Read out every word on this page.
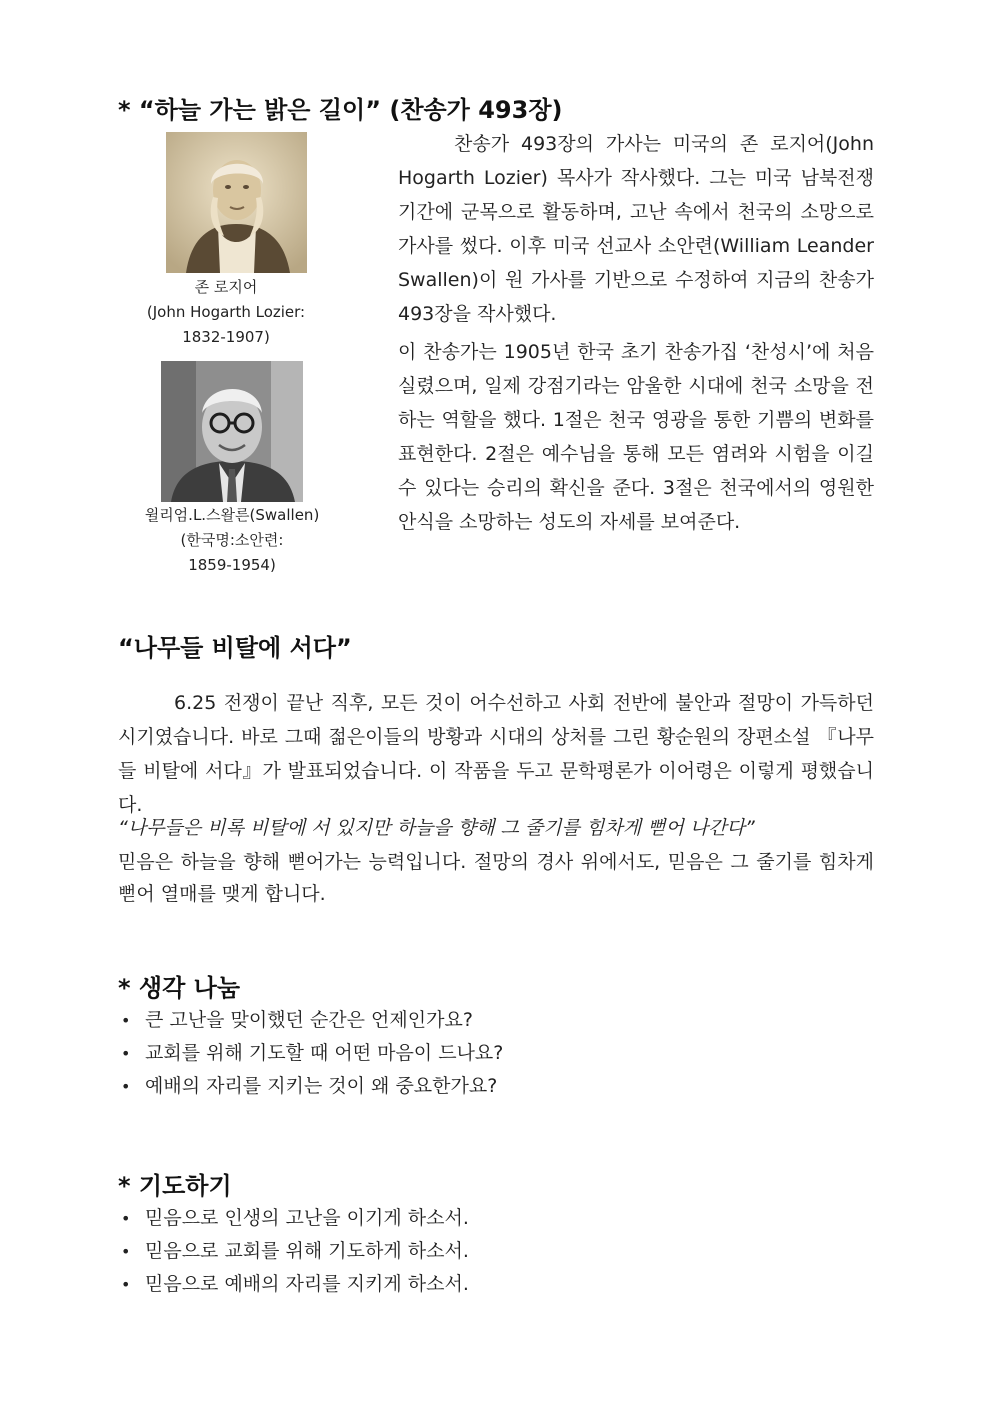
* “하늘 가는 밝은 길이” (찬송가 493장)
존 로지어
(John Hogarth Lozier:
1832-1907)
윌리엄.L.스왈른(Swallen)
(한국명:소안련:
1859-1954)
찬송가 493장의 가사는 미국의 존 로지어(John Hogarth Lozier) 목사가 작사했다. 그는 미국 남북전쟁 기간에 군목으로 활동하며, 고난 속에서 천국의 소망으로 가사를 썼다. 이후 미국 선교사 소안련(William Leander Swallen)이 원 가사를 기반으로 수정하여 지금의 찬송가 493장을 작사했다.
이 찬송가는 1905년 한국 초기 찬송가집 ‘찬성시’에 처음 실렸으며, 일제 강점기라는 암울한 시대에 천국 소망을 전하는 역할을 했다. 1절은 천국 영광을 통한 기쁨의 변화를 표현한다. 2절은 예수님을 통해 모든 염려와 시험을 이길 수 있다는 승리의 확신을 준다. 3절은 천국에서의 영원한 안식을 소망하는 성도의 자세를 보여준다.
“나무들 비탈에 서다”
6.25 전쟁이 끝난 직후, 모든 것이 어수선하고 사회 전반에 불안과 절망이 가득하던 시기였습니다. 바로 그때 젊은이들의 방황과 시대의 상처를 그린 황순원의 장편소설 『나무들 비탈에 서다』가 발표되었습니다. 이 작품을 두고 문학평론가 이어령은 이렇게 평했습니다.
“나무들은 비록 비탈에 서 있지만 하늘을 향해 그 줄기를 힘차게 뻗어 나간다”
믿음은 하늘을 향해 뻗어가는 능력입니다. 절망의 경사 위에서도, 믿음은 그 줄기를 힘차게 뻗어 열매를 맺게 합니다.
* 생각 나눔
• 큰 고난을 맞이했던 순간은 언제인가요?
• 교회를 위해 기도할 때 어떤 마음이 드나요?
• 예배의 자리를 지키는 것이 왜 중요한가요?
* 기도하기
• 믿음으로 인생의 고난을 이기게 하소서.
• 믿음으로 교회를 위해 기도하게 하소서.
• 믿음으로 예배의 자리를 지키게 하소서.
